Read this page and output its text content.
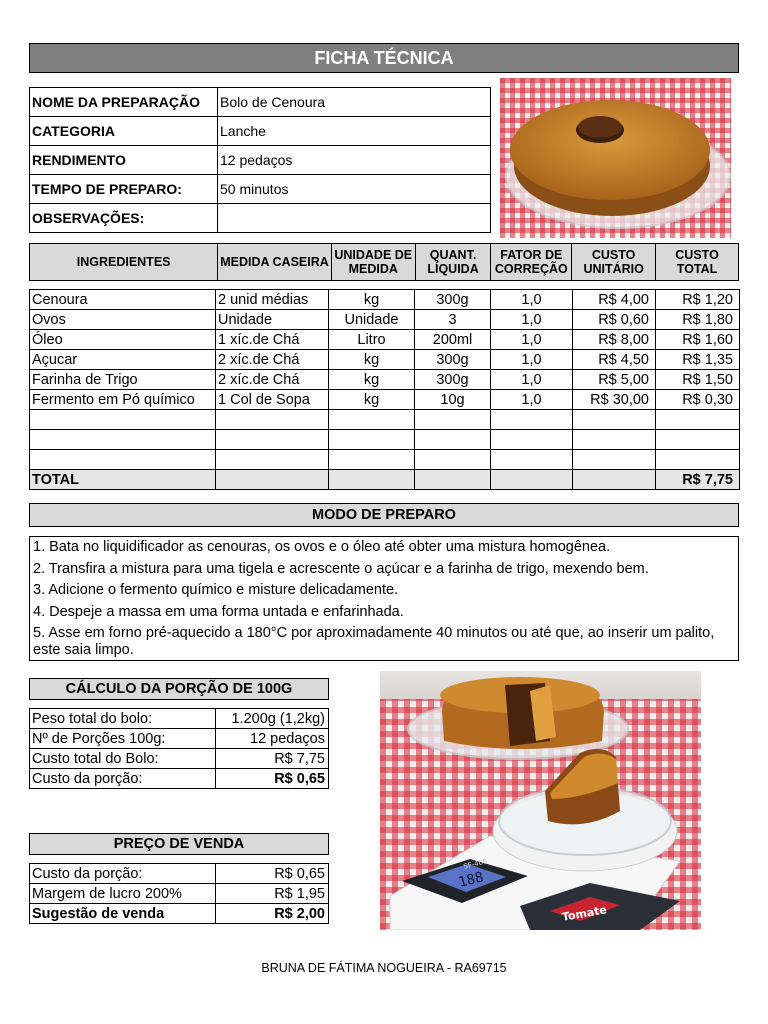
FICHA TÉCNICA
NOME DA PREPARAÇÃO	Bolo de Cenoura
CATEGORIA	Lanche
RENDIMENTO	12 pedaços
TEMPO DE PREPARO:	50 minutos
OBSERVAÇÕES:	
INGREDIENTES	MEDIDA CASEIRA	UNIDADE DE MEDIDA	QUANT. LÍQUIDA	FATOR DE CORREÇÃO	CUSTO UNITÁRIO	CUSTO TOTAL
Cenoura	2 unid médias	kg	300g	1,0	R$ 4,00	R$ 1,20
Ovos	Unidade	Unidade	3	1,0	R$ 0,60	R$ 1,80
Óleo	1 xíc.de Chá	Litro	200ml	1,0	R$ 8,00	R$ 1,60
Açucar	2 xíc.de Chá	kg	300g	1,0	R$ 4,50	R$ 1,35
Farinha de Trigo	2 xíc.de Chá	kg	300g	1,0	R$ 5,00	R$ 1,50
Fermento em Pó químico	1 Col de Sopa	kg	10g	1,0	R$ 30,00	R$ 0,30

TOTAL						R$ 7,75
MODO DE PREPARO

1. Bata no liquidificador as cenouras, os ovos e o óleo até obter uma mistura homogênea.

2. Transfira a mistura para uma tigela e acrescente o açúcar e a farinha de trigo, mexendo bem.

3. Adicione o fermento químico e misture delicadamente.

4. Despeje a massa em uma forma untada e enfarinhada.

5. Asse em forno pré-aquecido a 180°C por aproximadamente 40 minutos ou até que, ao inserir um palito, este saia limpo.

CÁLCULO DA PORÇÃO DE 100G
Peso total do bolo:	1.200g (1,2kg)
Nº de Porções 100g:	12 pedaços
Custo total do Bolo:	R$ 7,75
Custo da porção:	R$ 0,65
PREÇO DE VENDA
Custo da porção:	R$ 0,65
Margem de lucro 200%	R$ 1,95
Sugestão de venda	R$ 2,00
188
SF-400
Tomate
BRUNA DE FÁTIMA NOGUEIRA - RA69715
